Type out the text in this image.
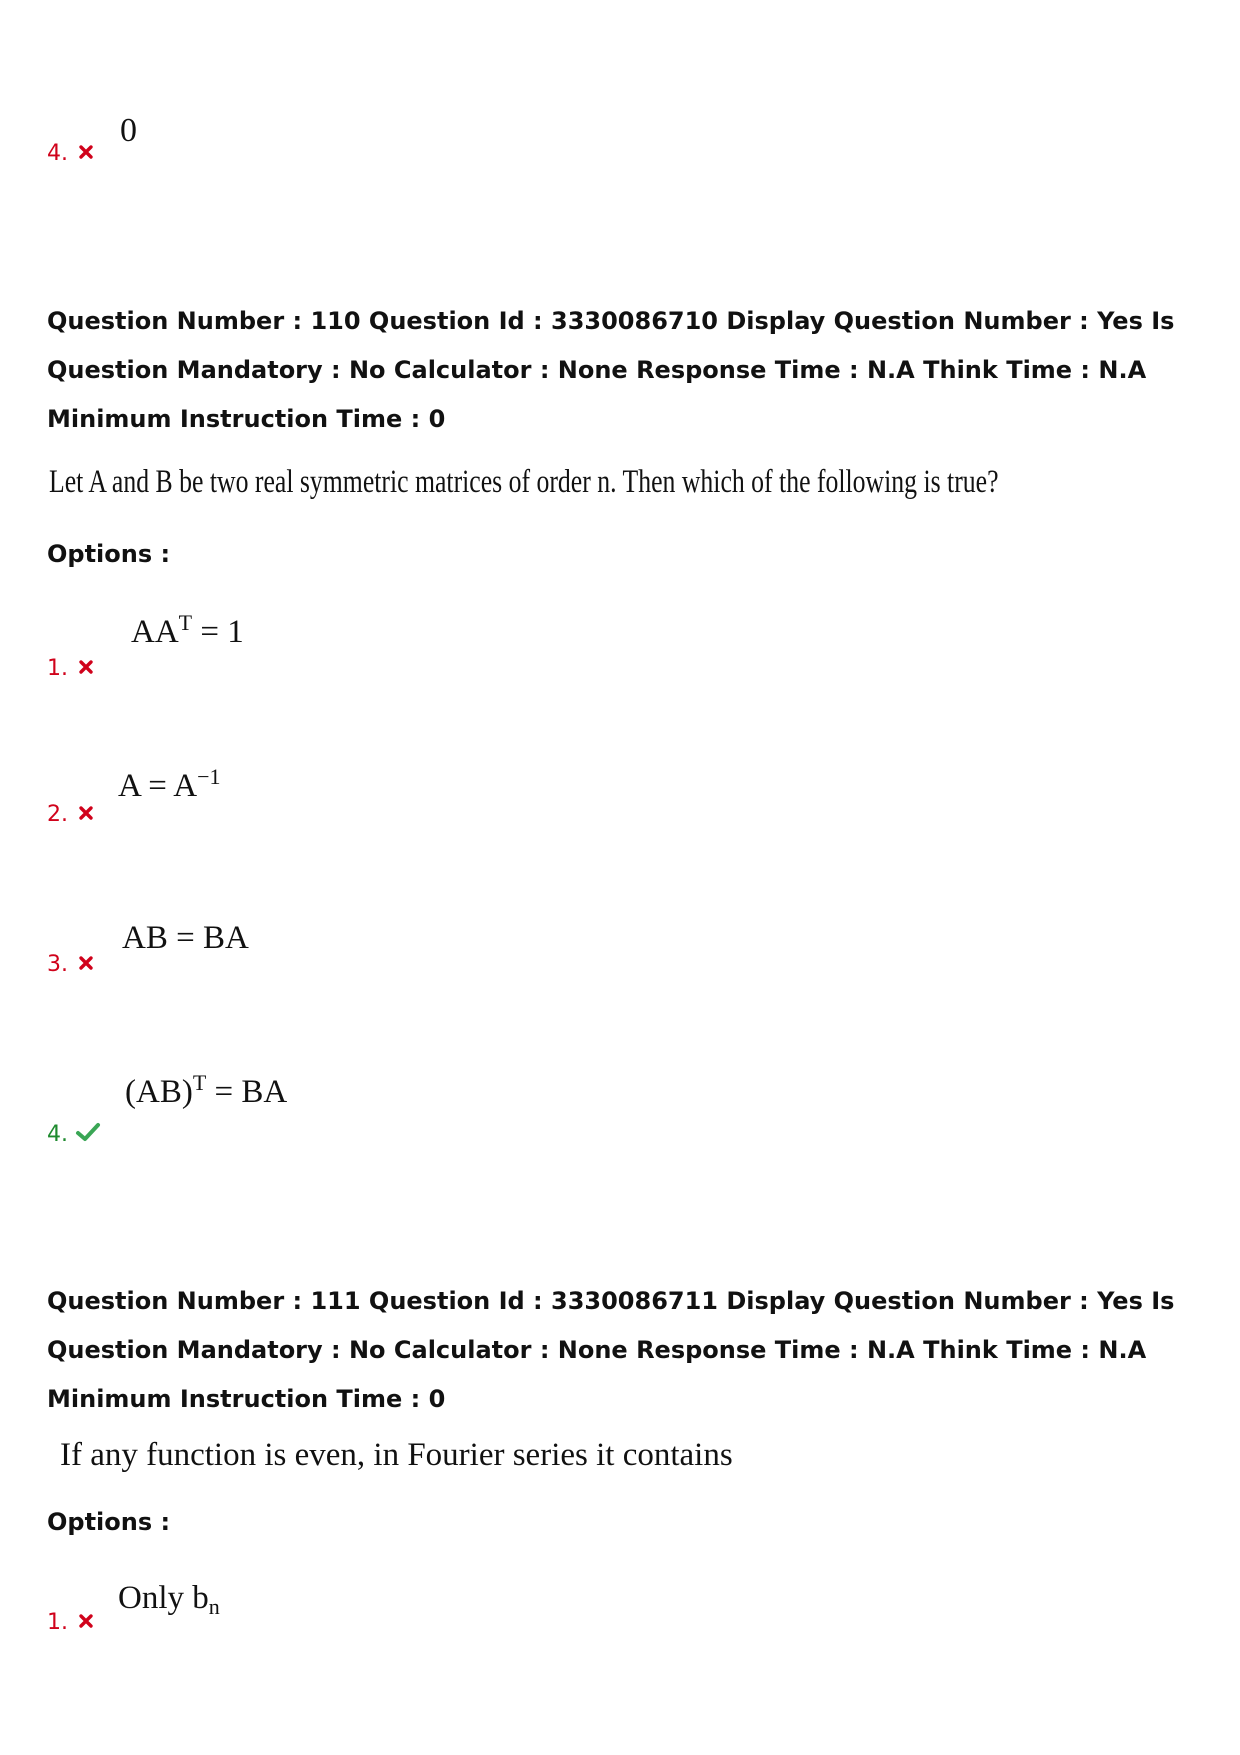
4.
0
Question Number : 110 Question Id : 3330086710 Display Question Number : Yes Is Question Mandatory : No Calculator : None Response Time : N.A Think Time : N.A Minimum Instruction Time : 0
Let A and B be two real symmetric matrices of order n. Then which of the following is true?
Options :
1.
$AA^T = 1$
2.
$A = A^{-1}$
3.
AB = BA
4.
(AB)$^T$ = BA
Question Number : 111 Question Id : 3330086711 Display Question Number : Yes Is Question Mandatory : No Calculator : None Response Time : N.A Think Time : N.A Minimum Instruction Time : 0
If any function is even, in Fourier series it contains
Options :
1.
Only $b_n$
